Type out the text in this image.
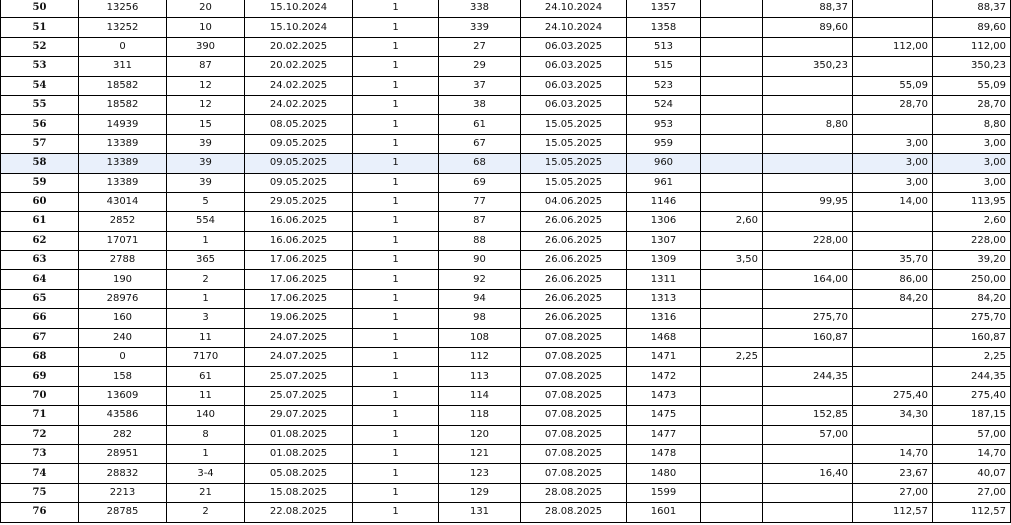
50	13256	20	15.10.2024	1	338	24.10.2024	1357		88,37		88,37
51	13252	10	15.10.2024	1	339	24.10.2024	1358		89,60		89,60
52	0	390	20.02.2025	1	27	06.03.2025	513			112,00	112,00
53	311	87	20.02.2025	1	29	06.03.2025	515		350,23		350,23
54	18582	12	24.02.2025	1	37	06.03.2025	523			55,09	55,09
55	18582	12	24.02.2025	1	38	06.03.2025	524			28,70	28,70
56	14939	15	08.05.2025	1	61	15.05.2025	953		8,80		8,80
57	13389	39	09.05.2025	1	67	15.05.2025	959			3,00	3,00
58	13389	39	09.05.2025	1	68	15.05.2025	960			3,00	3,00
59	13389	39	09.05.2025	1	69	15.05.2025	961			3,00	3,00
60	43014	5	29.05.2025	1	77	04.06.2025	1146		99,95	14,00	113,95
61	2852	554	16.06.2025	1	87	26.06.2025	1306	2,60			2,60
62	17071	1	16.06.2025	1	88	26.06.2025	1307		228,00		228,00
63	2788	365	17.06.2025	1	90	26.06.2025	1309	3,50		35,70	39,20
64	190	2	17.06.2025	1	92	26.06.2025	1311		164,00	86,00	250,00
65	28976	1	17.06.2025	1	94	26.06.2025	1313			84,20	84,20
66	160	3	19.06.2025	1	98	26.06.2025	1316		275,70		275,70
67	240	11	24.07.2025	1	108	07.08.2025	1468		160,87		160,87
68	0	7170	24.07.2025	1	112	07.08.2025	1471	2,25			2,25
69	158	61	25.07.2025	1	113	07.08.2025	1472		244,35		244,35
70	13609	11	25.07.2025	1	114	07.08.2025	1473			275,40	275,40
71	43586	140	29.07.2025	1	118	07.08.2025	1475		152,85	34,30	187,15
72	282	8	01.08.2025	1	120	07.08.2025	1477		57,00		57,00
73	28951	1	01.08.2025	1	121	07.08.2025	1478			14,70	14,70
74	28832	3-4	05.08.2025	1	123	07.08.2025	1480		16,40	23,67	40,07
75	2213	21	15.08.2025	1	129	28.08.2025	1599			27,00	27,00
76	28785	2	22.08.2025	1	131	28.08.2025	1601			112,57	112,57
